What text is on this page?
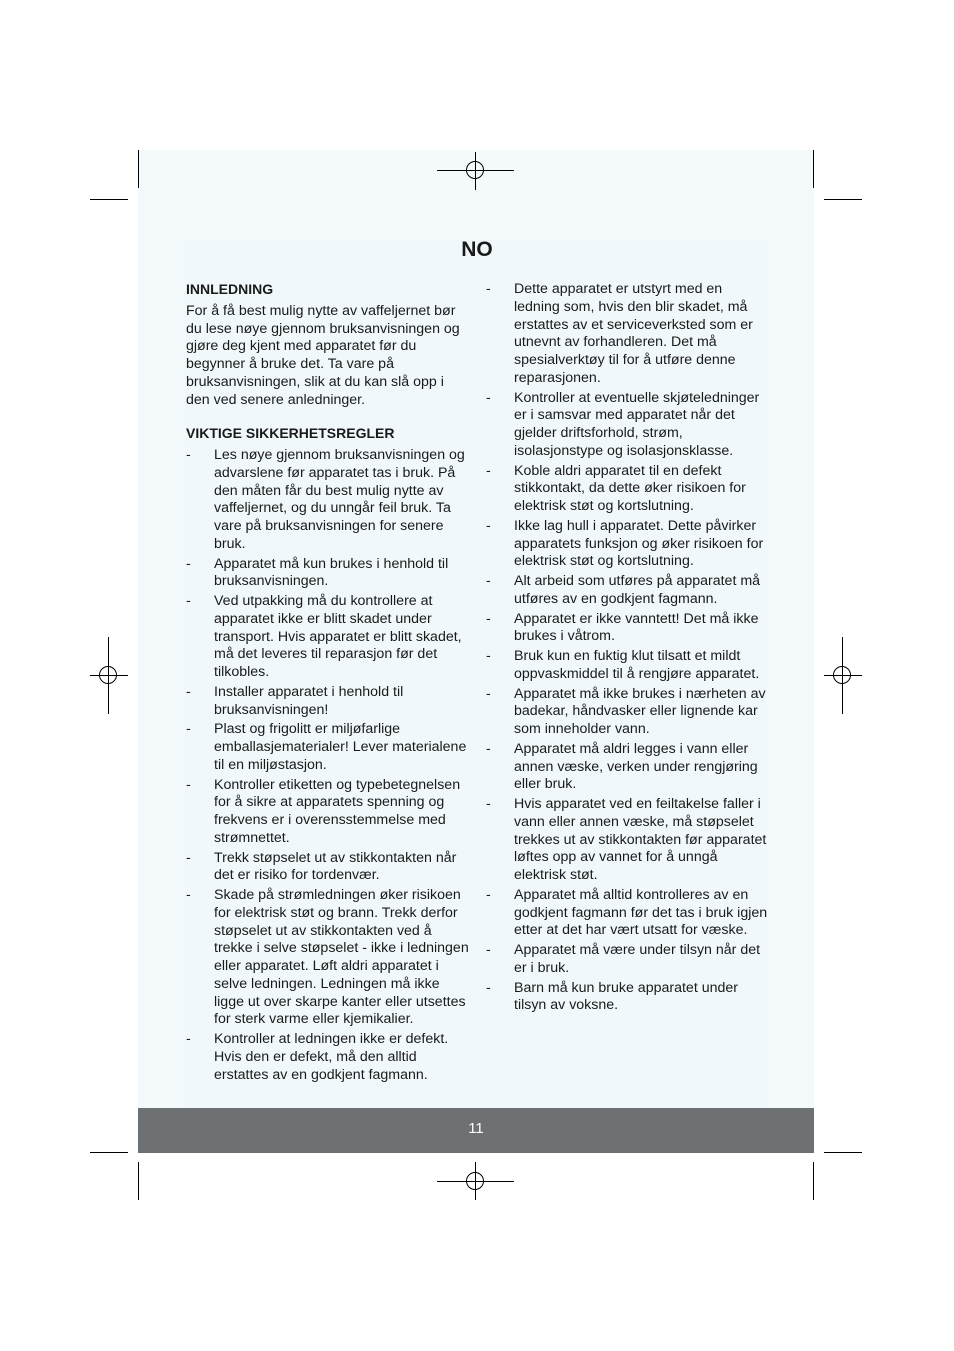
NO
INNLEDNING
For å få best mulig nytte av vaffeljernet bør du lese nøye gjennom bruksanvisningen og gjøre deg kjent med apparatet før du begynner å bruke det. Ta vare på bruksanvisningen, slik at du kan slå opp i den ved senere anledninger.
VIKTIGE SIKKERHETSREGLER
- Les nøye gjennom bruksanvisningen og advarslene før apparatet tas i bruk. På den måten får du best mulig nytte av vaffeljernet, og du unngår feil bruk. Ta vare på bruksanvisningen for senere bruk.
- Apparatet må kun brukes i henhold til bruksanvisningen.
- Ved utpakking må du kontrollere at apparatet ikke er blitt skadet under transport. Hvis apparatet er blitt skadet, må det leveres til reparasjon før det tilkobles.
- Installer apparatet i henhold til bruksanvisningen!
- Plast og frigolitt er miljøfarlige emballasjematerialer! Lever materialene til en miljøstasjon.
- Kontroller etiketten og typebetegnelsen for å sikre at apparatets spenning og frekvens er i overensstemmelse med strømnettet.
- Trekk støpselet ut av stikkontakten når det er risiko for tordenvær.
- Skade på strømledningen øker risikoen for elektrisk støt og brann. Trekk derfor støpselet ut av stikkontakten ved å trekke i selve støpselet - ikke i ledningen eller apparatet. Løft aldri apparatet i selve ledningen. Ledningen må ikke ligge ut over skarpe kanter eller utsettes for sterk varme eller kjemikalier.
- Kontroller at ledningen ikke er defekt. Hvis den er defekt, må den alltid erstattes av en godkjent fagmann.
- Dette apparatet er utstyrt med en ledning som, hvis den blir skadet, må erstattes av et serviceverksted som er utnevnt av forhandleren. Det må spesialverktøy til for å utføre denne reparasjonen.
- Kontroller at eventuelle skjøteledninger er i samsvar med apparatet når det gjelder driftsforhold, strøm, isolasjonstype og isolasjonsklasse.
- Koble aldri apparatet til en defekt stikkontakt, da dette øker risikoen for elektrisk støt og kortslutning.
- Ikke lag hull i apparatet. Dette påvirker apparatets funksjon og øker risikoen for elektrisk støt og kortslutning.
- Alt arbeid som utføres på apparatet må utføres av en godkjent fagmann.
- Apparatet er ikke vanntett! Det må ikke brukes i våtrom.
- Bruk kun en fuktig klut tilsatt et mildt oppvaskmiddel til å rengjøre apparatet.
- Apparatet må ikke brukes i nærheten av badekar, håndvasker eller lignende kar som inneholder vann.
- Apparatet må aldri legges i vann eller annen væske, verken under rengjøring eller bruk.
- Hvis apparatet ved en feiltakelse faller i vann eller annen væske, må støpselet trekkes ut av stikkontakten før apparatet løftes opp av vannet for å unngå elektrisk støt.
- Apparatet må alltid kontrolleres av en godkjent fagmann før det tas i bruk igjen etter at det har vært utsatt for væske.
- Apparatet må være under tilsyn når det er i bruk.
- Barn må kun bruke apparatet under tilsyn av voksne.
11
